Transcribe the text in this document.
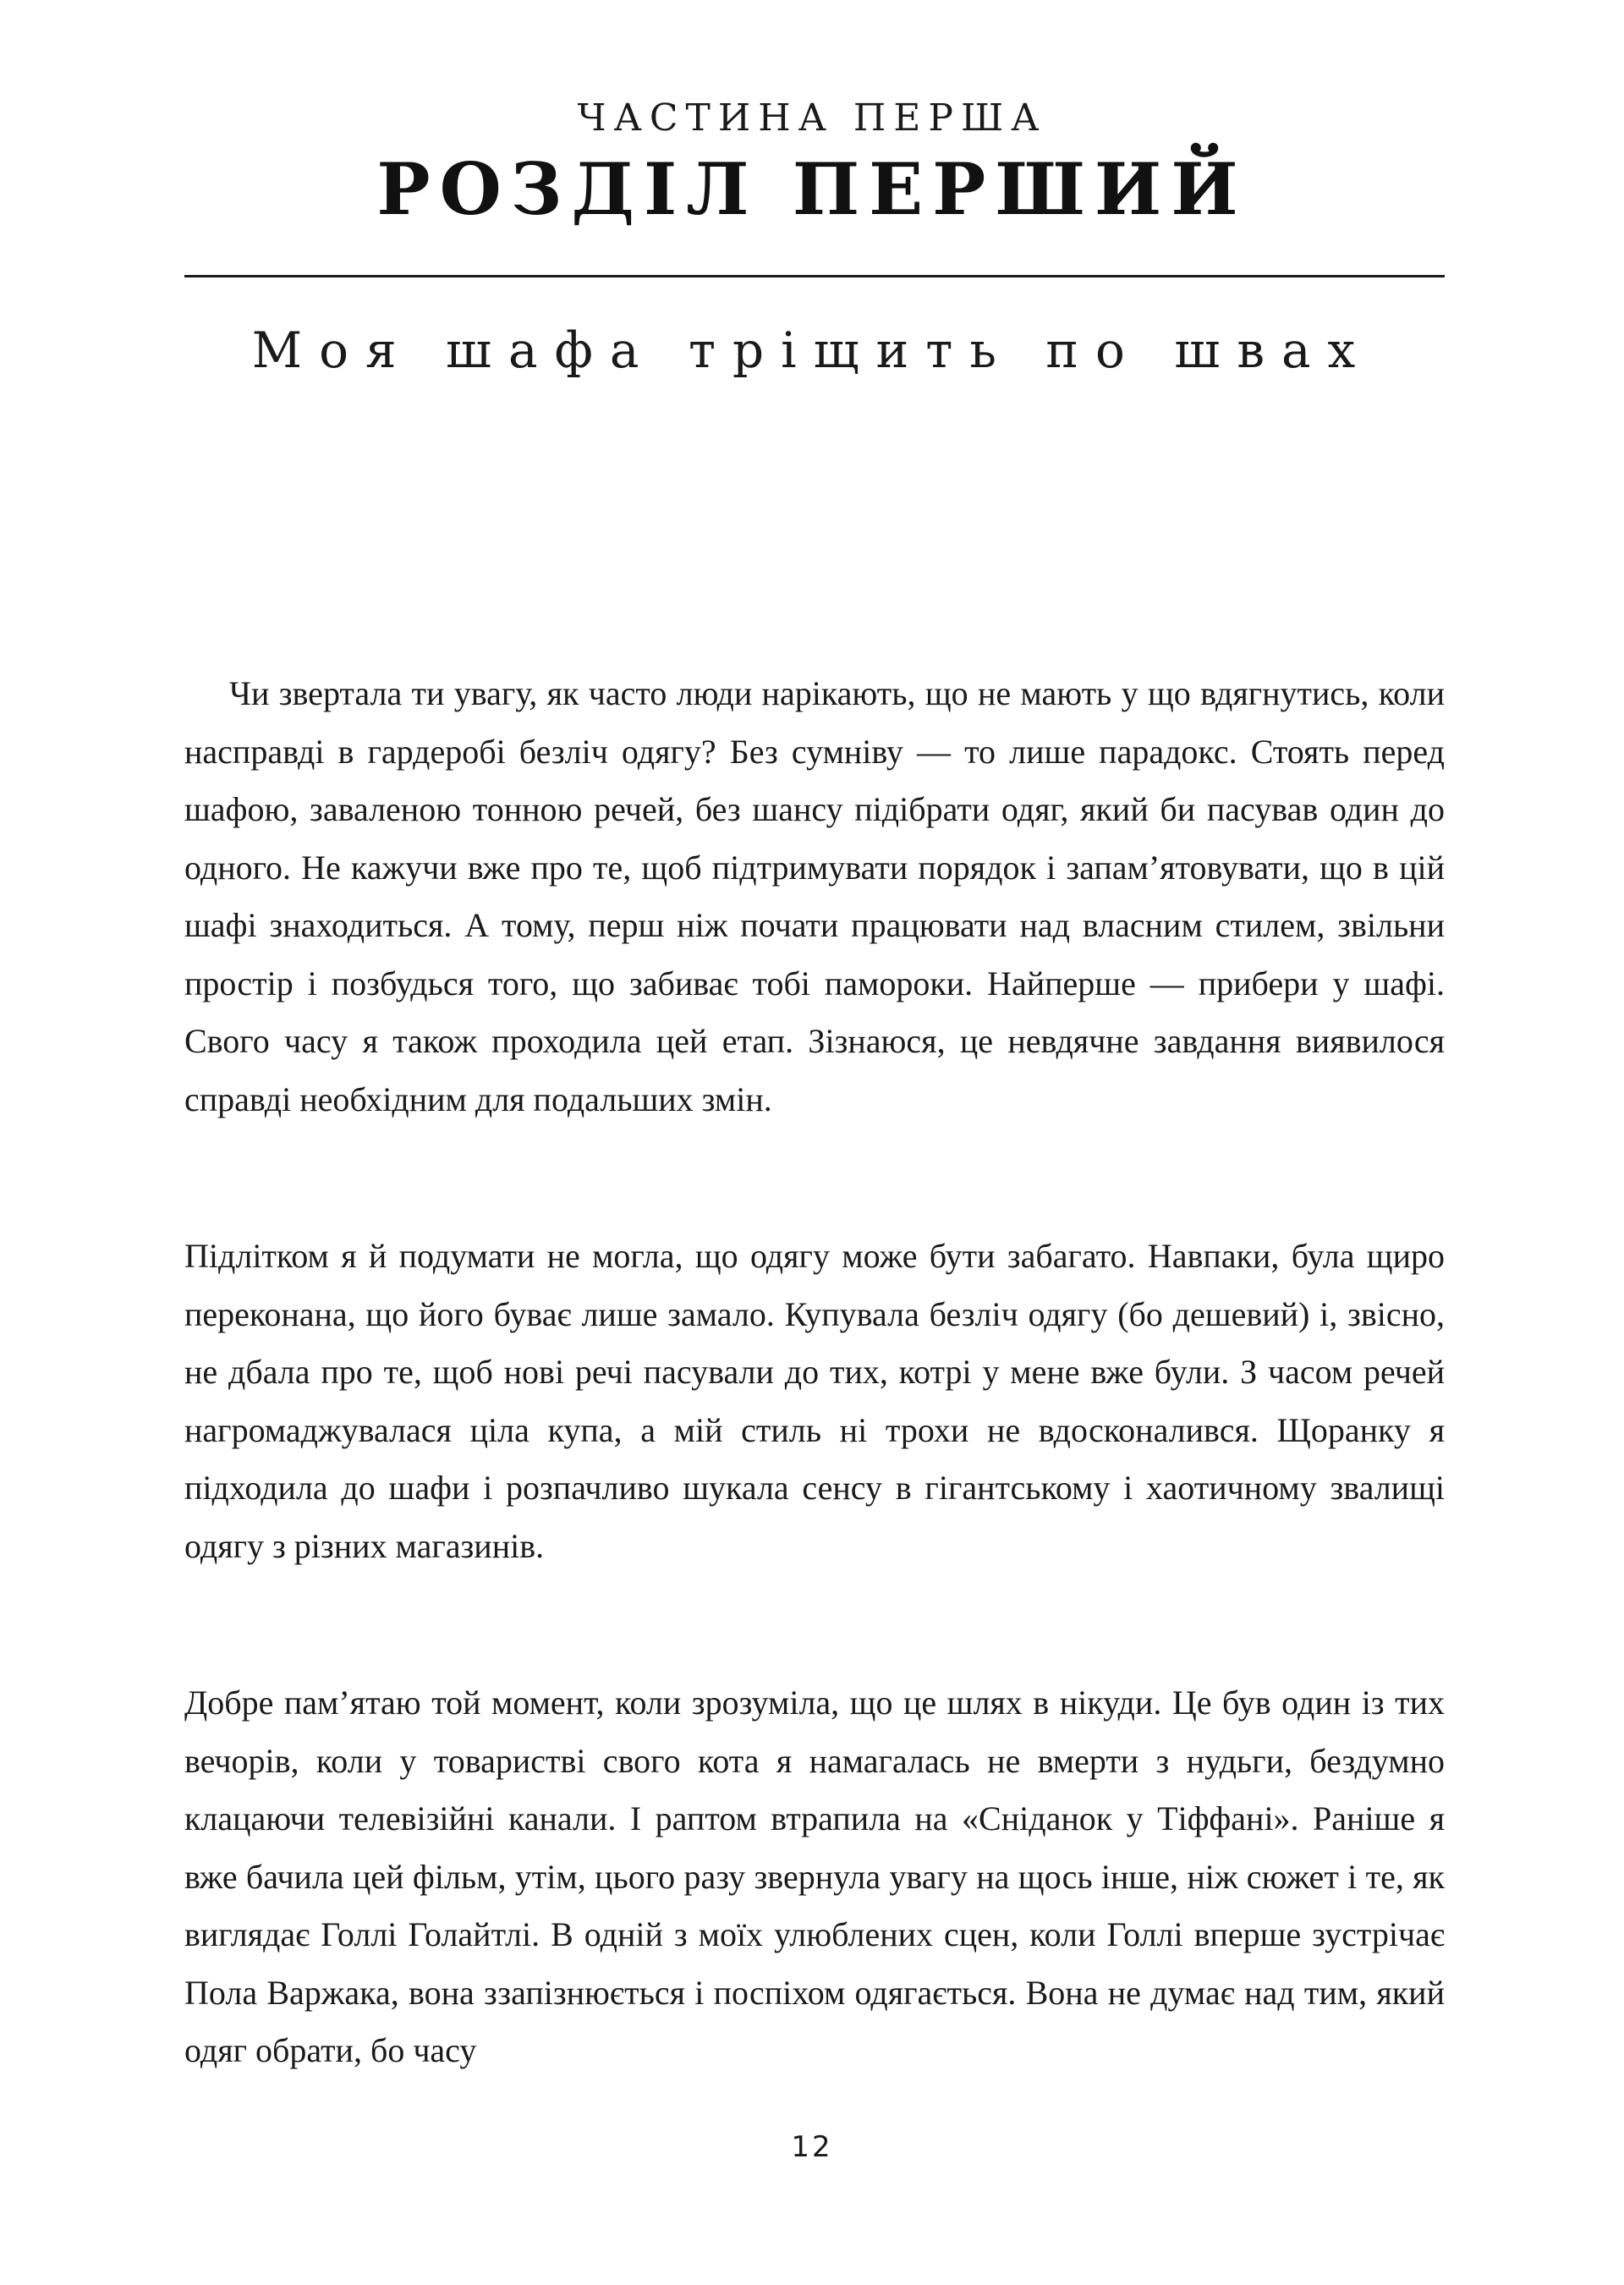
ЧАСТИНА ПЕРША
РОЗДІЛ ПЕРШИЙ
Моя шафа тріщить по швах

Чи звертала ти увагу, як часто люди нарікають, що не мають у що вдягнутись, коли насправді в гардеробі безліч одягу? Без сумніву — то лише парадокс. Стоять перед шафою, заваленою тонною речей, без шансу підібрати одяг, який би пасував один до одного. Не кажучи вже про те, щоб підтримувати порядок і запам’ятовувати, що в цій шафі знаходиться. А тому, перш ніж почати працювати над власним стилем, звільни простір і позбудься того, що забиває тобі памороки. Найперше — прибери у шафі. Свого часу я також проходила цей етап. Зізнаюся, це невдячне завдання виявилося справді необхідним для подальших змін.

Підлітком я й подумати не могла, що одягу може бути забагато. Навпаки, була щиро переконана, що його буває лише замало. Купувала безліч одягу (бо дешевий) і, звісно, не дбала про те, щоб нові речі пасували до тих, котрі у мене вже були. З часом речей нагромаджувалася ціла купа, а мій стиль ні трохи не вдосконалився. Щоранку я підходила до шафи і розпачливо шукала сенсу в гігантському і хаотичному звалищі одягу з різних магазинів.

Добре пам’ятаю той момент, коли зрозуміла, що це шлях в нікуди. Це був один із тих вечорів, коли у товаристві свого кота я намагалась не вмерти з нудьги, бездумно клацаючи телевізійні канали. І раптом втрапила на «Сніданок у Тіффані». Раніше я вже бачила цей фільм, утім, цього разу звернула увагу на щось інше, ніж сюжет і те, як виглядає Голлі Голайтлі. В одній з моїх улюблених сцен, коли Голлі вперше зустрічає Пола Варжака, вона ззапізнюється і поспіхом одягається. Вона не думає над тим, який одяг обрати, бо часу

12
